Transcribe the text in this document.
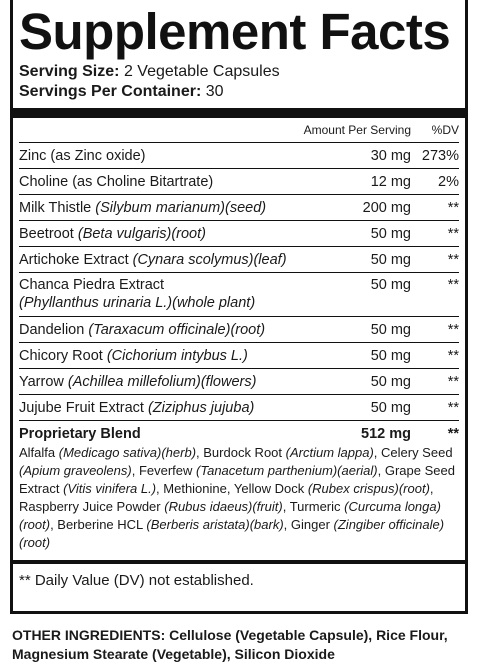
Supplement Facts
Serving Size: 2 Vegetable Capsules
Servings Per Container: 30
Amount Per Serving	%DV
Zinc (as Zinc oxide)	30 mg 273%
Choline (as Choline Bitartrate)	12 mg	2%
Milk Thistle (Silybum marianum)(seed)	200 mg	**
Beetroot (Beta vulgaris)(root)	50 mg	**
Artichoke Extract (Cynara scolymus)(leaf)	50 mg	**
Chanca Piedra Extract
(Phyllanthus urinaria L.)(whole plant)
50 mg	**
Dandelion (Taraxacum officinale)(root)	50 mg	**
Chicory Root (Cichorium intybus L.)	50 mg	**
Yarrow (Achillea millefolium)(flowers)	50 mg	**
Jujube Fruit Extract (Ziziphus jujuba)	50 mg	**
Proprietary Blend	512 mg	**
Alfalfa (Medicago sativa)(herb), Burdock Root (Arctium lappa), Celery Seed (Apium graveolens), Feverfew (Tanacetum parthenium)(aerial), Grape Seed Extract (Vitis vinifera L.), Methionine, Yellow Dock (Rubex crispus)(root), Raspberry Juice Powder (Rubus idaeus)(fruit), Turmeric (Curcuma longa)(root), Berberine HCL (Berberis aristata)(bark), Ginger (Zingiber officinale)(root)
** Daily Value (DV) not established.
OTHER INGREDIENTS: Cellulose (Vegetable Capsule), Rice Flour, Magnesium Stearate (Vegetable), Silicon Dioxide
